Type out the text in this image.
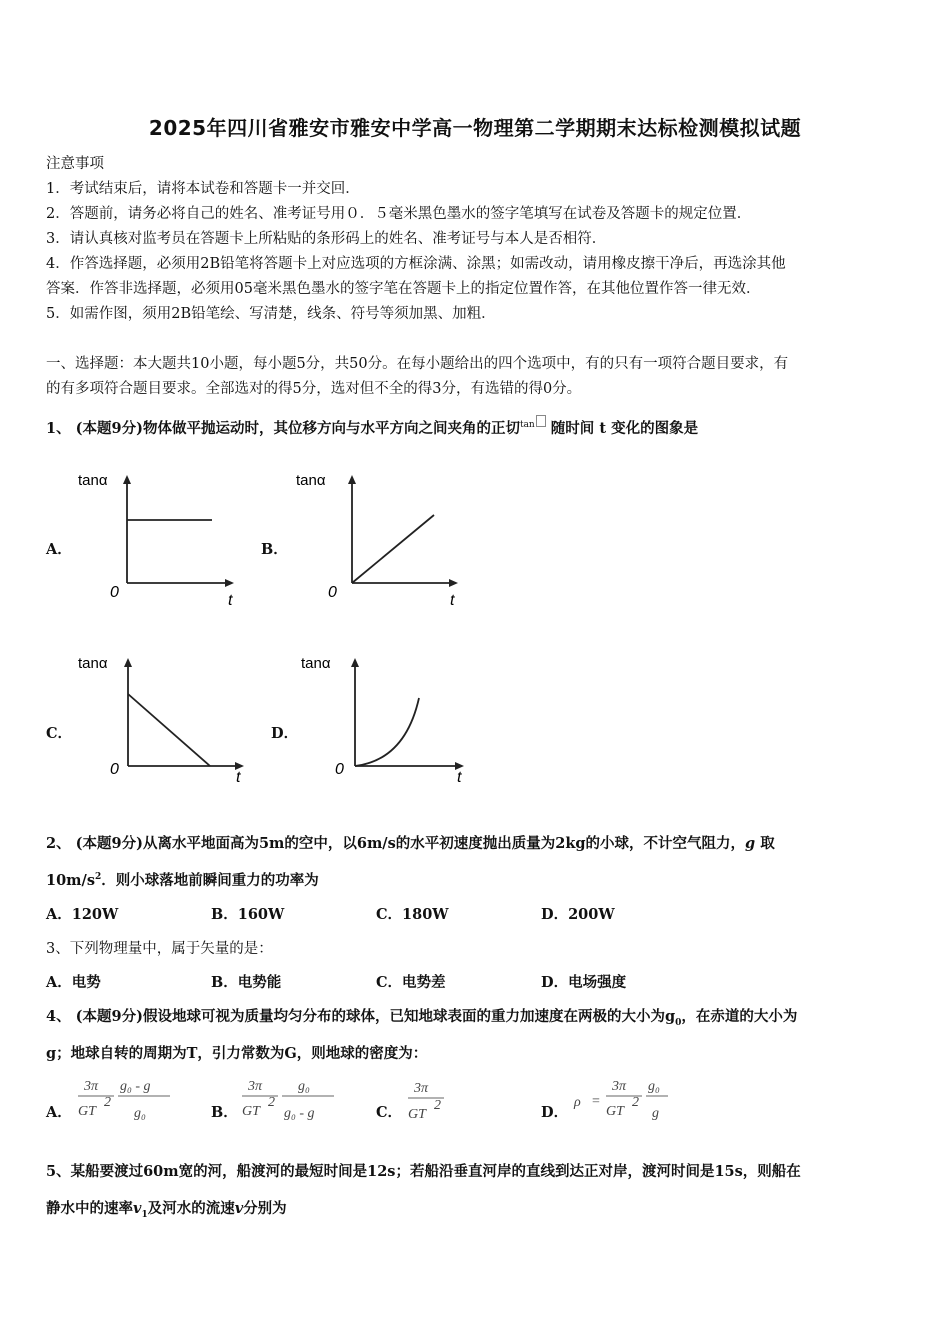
2025年四川省雅安市雅安中学高一物理第二学期期末达标检测模拟试题
注意事项
1．考试结束后，请将本试卷和答题卡一并交回．
2．答题前，请务必将自己的姓名、准考证号用０．５毫米黑色墨水的签字笔填写在试卷及答题卡的规定位置．
3．请认真核对监考员在答题卡上所粘贴的条形码上的姓名、准考证号与本人是否相符．
4．作答选择题，必须用2B铅笔将答题卡上对应选项的方框涂满、涂黑；如需改动，请用橡皮擦干净后，再选涂其他
答案．作答非选择题，必须用05毫米黑色墨水的签字笔在答题卡上的指定位置作答，在其他位置作答一律无效．
5．如需作图，须用2B铅笔绘、写清楚，线条、符号等须加黑、加粗．
一、选择题：本大题共10小题，每小题5分，共50分。在每小题给出的四个选项中，有的只有一项符合题目要求，有
的有多项符合题目要求。全部选对的得5分，选对但不全的得3分，有选错的得0分。
1、 (本题9分)物体做平抛运动时，其位移方向与水平方向之间夹角的正切$^{tan}$ 随时间 t 变化的图象是
A．	B．
C．	D．
tanα
0	t
tanα
0	t
tanα
0	t
tanα
0	t
2、 (本题9分)从离水平地面高为5m的空中，以6m/s的水平初速度抛出质量为2kg的小球，不计空气阻力，g 取
$10m/s^2$．则小球落地前瞬间重力的功率为
A．120W	B．160W	C．180W	D．200W
3、下列物理量中，属于矢量的是：
A．电势	B．电势能	C．电势差	D．电场强度
4、 (本题9分)假设地球可视为质量均匀分布的球体，已知地球表面的重力加速度在两极的大小为$g_0$，在赤道的大小为
g；地球自转的周期为T，引力常数为G，则地球的密度为：
A．	B．	C．	D．
3π
GT
2
g₀ - g
g₀
3π
GT
2
g₀
g₀ - g
3π
GT
2	ρ =
3π
GT
2
g₀
g
5、某船要渡过60m宽的河，船渡河的最短时间是12s；若船沿垂直河岸的直线到达正对岸，渡河时间是15s，则船在
静水中的速率$v_1$及河水的流速v分别为
